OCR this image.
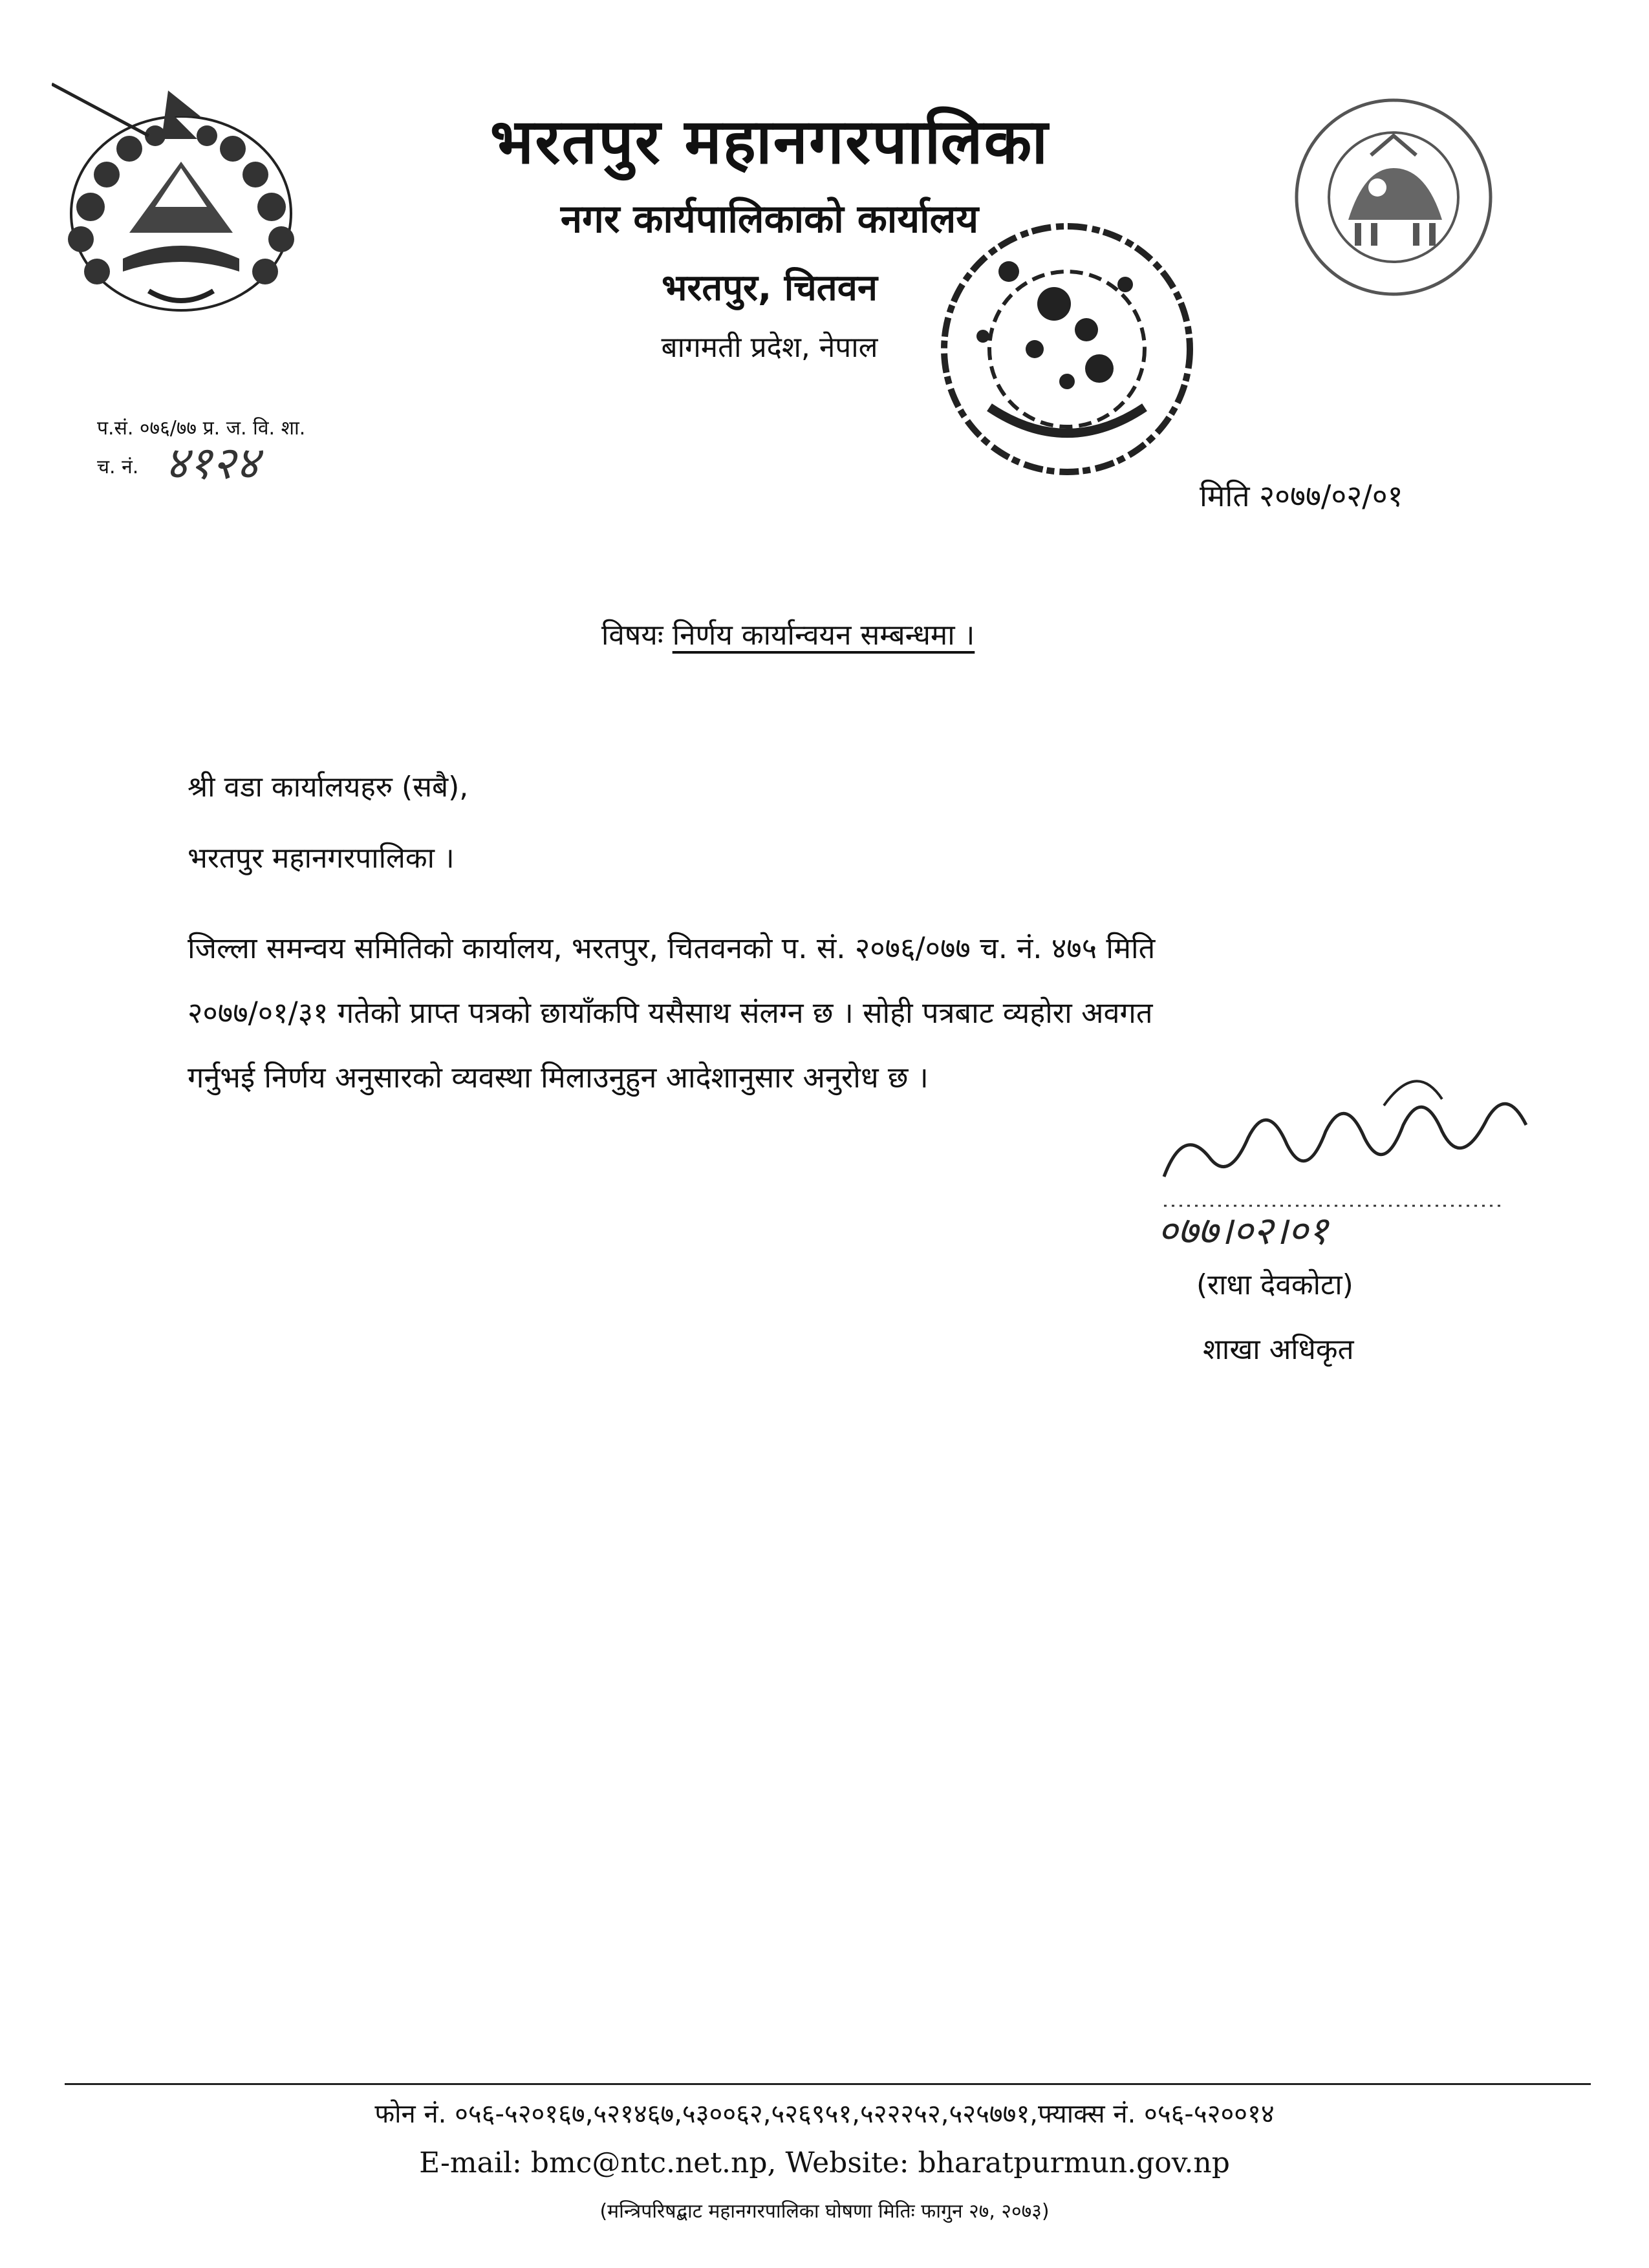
भरतपुर महानगरपालिका
नगर कार्यपालिकाको कार्यालय
भरतपुर, चितवन
बागमती प्रदेश, नेपाल
प.सं. ०७६/७७ प्र. ज. वि. शा.
च. नं. ४१२४
मिति २०७७/०२/०१
विषयः निर्णय कार्यान्वयन सम्बन्धमा ।
श्री वडा कार्यालयहरु (सबै),
भरतपुर महानगरपालिका ।
जिल्ला समन्वय समितिको कार्यालय, भरतपुर, चितवनको प. सं. २०७६/०७७ च. नं. ४७५ मिति
२०७७/०१/३१ गतेको प्राप्त पत्रको छायाँकपि यसैसाथ संलग्न छ । सोही पत्रबाट व्यहोरा अवगत
गर्नुभई निर्णय अनुसारको व्यवस्था मिलाउनुहुन आदेशानुसार अनुरोध छ ।
०७७।०२।०१
(राधा देवकोटा)
शाखा अधिकृत
फोन नं. ०५६-५२०१६७,५२१४६७,५३००६२,५२६९५१,५२२२५२,५२५७७१,फ्याक्स नं. ०५६-५२००१४
E-mail: bmc@ntc.net.np, Website: bharatpurmun.gov.np
(मन्त्रिपरिषद्बाट महानगरपालिका घोषणा मितिः फागुन २७, २०७३)
